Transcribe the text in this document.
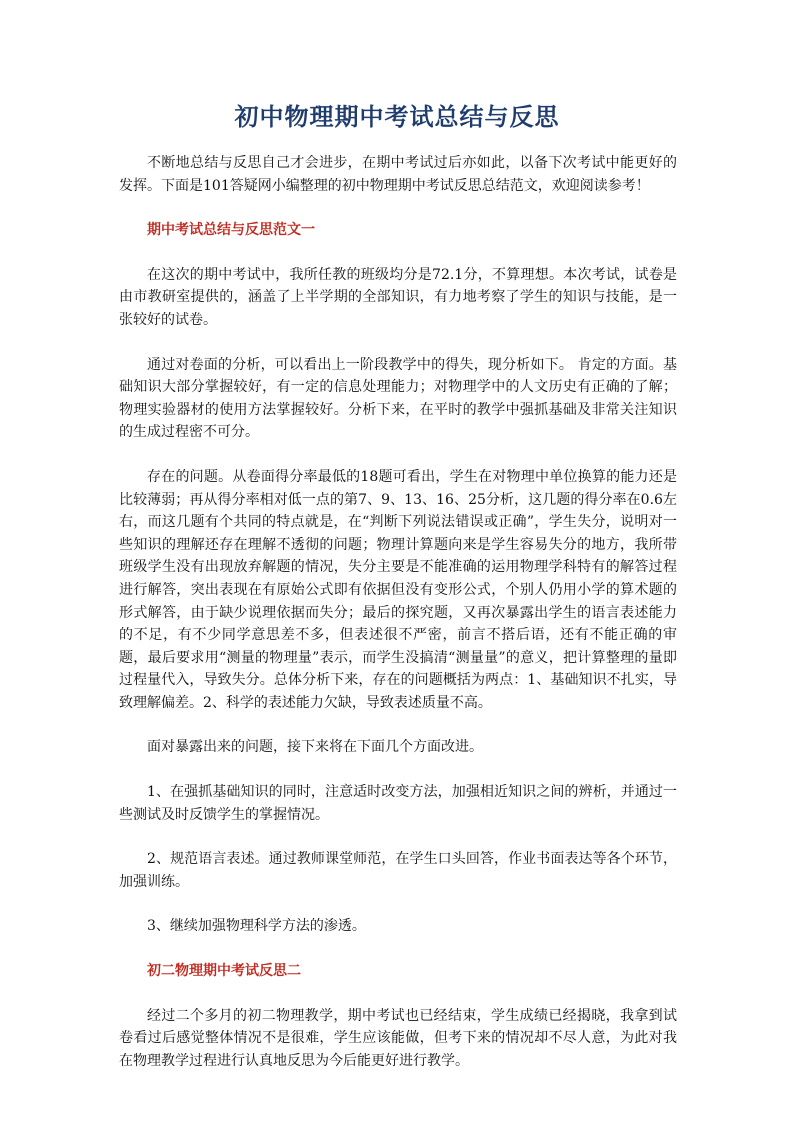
初中物理期中考试总结与反思

不断地总结与反思自己才会进步，在期中考试过后亦如此，以备下次考试中能更好的发挥。下面是101答疑网小编整理的初中物理期中考试反思总结范文，欢迎阅读参考！

期中考试总结与反思范文一

在这次的期中考试中，我所任教的班级均分是72.1分，不算理想。本次考试，试卷是由市教研室提供的，涵盖了上半学期的全部知识，有力地考察了学生的知识与技能，是一张较好的试卷。

通过对卷面的分析，可以看出上一阶段教学中的得失，现分析如下。 肯定的方面。基础知识大部分掌握较好，有一定的信息处理能力；对物理学中的人文历史有正确的了解；物理实验器材的使用方法掌握较好。分析下来，在平时的教学中强抓基础及非常关注知识的生成过程密不可分。

存在的问题。从卷面得分率最低的18题可看出，学生在对物理中单位换算的能力还是比较薄弱；再从得分率相对低一点的第7、9、13、16、25分析，这几题的得分率在0.6左右，而这几题有个共同的特点就是，在“判断下列说法错误或正确”，学生失分，说明对一些知识的理解还存在理解不透彻的问题；物理计算题向来是学生容易失分的地方，我所带班级学生没有出现放弃解题的情况，失分主要是不能准确的运用物理学科特有的解答过程进行解答，突出表现在有原始公式即有依据但没有变形公式，个别人仍用小学的算术题的形式解答，由于缺少说理依据而失分；最后的探究题，又再次暴露出学生的语言表述能力的不足，有不少同学意思差不多，但表述很不严密，前言不搭后语，还有不能正确的审题，最后要求用“测量的物理量”表示，而学生没搞清“测量量”的意义，把计算整理的量即过程量代入，导致失分。总体分析下来，存在的问题概括为两点：1、基础知识不扎实，导致理解偏差。2、科学的表述能力欠缺，导致表述质量不高。

面对暴露出来的问题，接下来将在下面几个方面改进。

1、在强抓基础知识的同时，注意适时改变方法，加强相近知识之间的辨析，并通过一些测试及时反馈学生的掌握情况。

2、规范语言表述。通过教师课堂师范，在学生口头回答，作业书面表达等各个环节，加强训练。

3、继续加强物理科学方法的渗透。

初二物理期中考试反思二

经过二个多月的初二物理教学，期中考试也已经结束，学生成绩已经揭晓，我拿到试卷看过后感觉整体情况不是很难，学生应该能做，但考下来的情况却不尽人意，为此对我在物理教学过程进行认真地反思为今后能更好进行教学。
